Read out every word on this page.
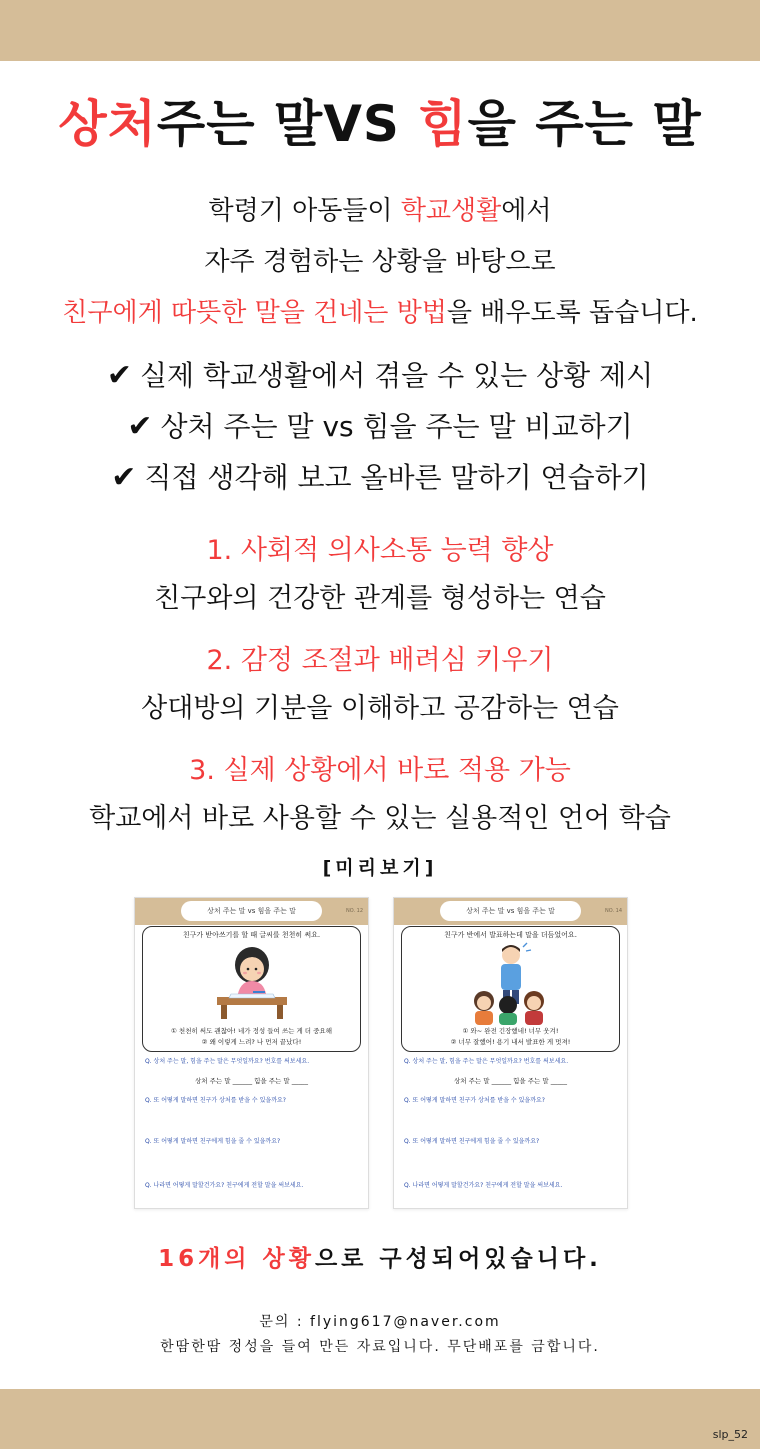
상처주는 말VS 힘을 주는 말
학령기 아동들이 학교생활에서
자주 경험하는 상황을 바탕으로
친구에게 따뜻한 말을 건네는 방법을 배우도록 돕습니다.
✔ 실제 학교생활에서 겪을 수 있는 상황 제시
✔ 상처 주는 말 vs 힘을 주는 말 비교하기
✔ 직접 생각해 보고 올바른 말하기 연습하기
1. 사회적 의사소통 능력 향상
친구와의 건강한 관계를 형성하는 연습
2. 감정 조절과 배려심 키우기
상대방의 기분을 이해하고 공감하는 연습
3. 실제 상황에서 바로 적용 가능
학교에서 바로 사용할 수 있는 실용적인 언어 학습
[미리보기]
상처 주는 말 vs 힘을 주는 말	NO. 12
친구가 받아쓰기를 할 때 글씨를 천천히 써요.
① 천천히 써도 괜찮아! 네가 정성 들여 쓰는 게 더 중요해
② 왜 이렇게 느려? 나 먼저 끝났다!
Q. 상처 주는 말, 힘을 주는 말은 무엇일까요? 번호를 써보세요.
상처 주는 말 ______ 힘을 주는 말 _____
Q. 또 어떻게 말하면 친구가 상처를 받을 수 있을까요?
Q. 또 어떻게 말하면 친구에게 힘을 줄 수 있을까요?
Q. 나라면 어떻게 말할건가요? 친구에게 전할 말을 써보세요.
상처 주는 말 vs 힘을 주는 말	NO. 14
친구가 반에서 발표하는데 말을 더듬었어요.
① 와~ 완전 긴장했네! 너무 웃겨!
② 너무 잘했어! 용기 내서 발표한 게 멋져!
Q. 상처 주는 말, 힘을 주는 말은 무엇일까요? 번호를 써보세요.
상처 주는 말 ______ 힘을 주는 말 _____
Q. 또 어떻게 말하면 친구가 상처를 받을 수 있을까요?
Q. 또 어떻게 말하면 친구에게 힘을 줄 수 있을까요?
Q. 나라면 어떻게 말할건가요? 친구에게 전할 말을 써보세요.
16개의 상황으로 구성되어있습니다.
문의 : flying617@naver.com
한땀한땀 정성을 들여 만든 자료입니다. 무단배포를 금합니다.
slp_52
